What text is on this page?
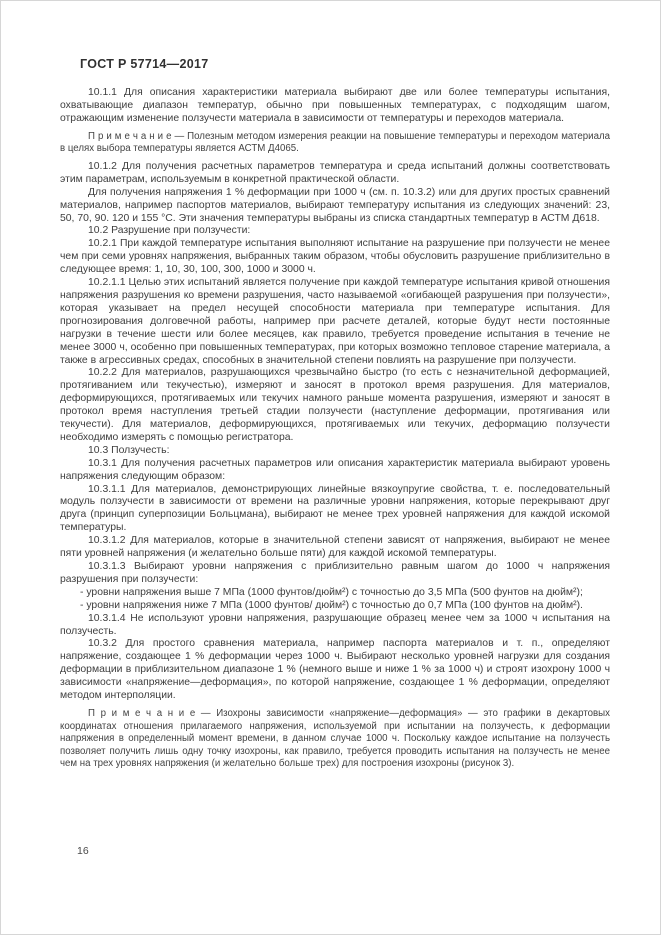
ГОСТ Р 57714—2017

10.1.1 Для описания характеристики материала выбирают две или более температуры испытания, охватывающие диапазон температур, обычно при повышенных температурах, с подходящим шагом, отражающим изменение ползучести материала в зависимости от температуры и переходов материала.

П р и м е ч а н и е — Полезным методом измерения реакции на повышение температуры и переходом материала в целях выбора температуры является АСТМ Д4065.

10.1.2 Для получения расчетных параметров температура и среда испытаний должны соответствовать этим параметрам, используемым в конкретной практической области.

Для получения напряжения 1 % деформации при 1000 ч (см. п. 10.3.2) или для других простых сравнений материалов, например паспортов материалов, выбирают температуру испытания из следующих значений: 23, 50, 70, 90. 120 и 155 °С. Эти значения температуры выбраны из списка стандартных температур в АСТМ Д618.

10.2 Разрушение при ползучести:

10.2.1 При каждой температуре испытания выполняют испытание на разрушение при ползучести не менее чем при семи уровнях напряжения, выбранных таким образом, чтобы обусловить разрушение приблизительно в следующее время: 1, 10, 30, 100, 300, 1000 и 3000 ч.

10.2.1.1 Целью этих испытаний является получение при каждой температуре испытания кривой отношения напряжения разрушения ко времени разрушения, часто называемой «огибающей разрушения при ползучести», которая указывает на предел несущей способности материала при температуре испытания. Для прогнозирования долговечной работы, например при расчете деталей, которые будут нести постоянные нагрузки в течение шести или более месяцев, как правило, требуется проведение испытания в течение не менее 3000 ч, особенно при повышенных температурах, при которых возможно тепловое старение материала, а также в агрессивных средах, способных в значительной степени повлиять на разрушение при ползучести.

10.2.2 Для материалов, разрушающихся чрезвычайно быстро (то есть с незначительной деформацией, протягиванием или текучестью), измеряют и заносят в протокол время разрушения. Для материалов, деформирующихся, протягиваемых или текучих намного раньше момента разрушения, измеряют и заносят в протокол время наступления третьей стадии ползучести (наступление деформации, протягивания или текучести). Для материалов, деформирующихся, протягиваемых или текучих, деформацию ползучести необходимо измерять с помощью регистратора.

10.3 Ползучесть:

10.3.1 Для получения расчетных параметров или описания характеристик материала выбирают уровень напряжения следующим образом:

10.3.1.1 Для материалов, демонстрирующих линейные вязкоупругие свойства, т. е. последовательный модуль ползучести в зависимости от времени на различные уровни напряжения, которые перекрывают друг друга (принцип суперпозиции Больцмана), выбирают не менее трех уровней напряжения для каждой искомой температуры.

10.3.1.2 Для материалов, которые в значительной степени зависят от напряжения, выбирают не менее пяти уровней напряжения (и желательно больше пяти) для каждой искомой температуры.

10.3.1.3 Выбирают уровни напряжения с приблизительно равным шагом до 1000 ч напряжения разрушения при ползучести:

- уровни напряжения выше 7 МПа (1000 фунтов/дюйм²) с точностью до 3,5 МПа (500 фунтов на дюйм²);

- уровни напряжения ниже 7 МПа (1000 фунтов/ дюйм²) с точностью до 0,7 МПа (100 фунтов на дюйм²).

10.3.1.4 Не используют уровни напряжения, разрушающие образец менее чем за 1000 ч испытания на ползучесть.

10.3.2 Для простого сравнения материала, например паспорта материалов и т. п., определяют напряжение, создающее 1 % деформации через 1000 ч. Выбирают несколько уровней нагрузки для создания деформации в приблизительном диапазоне 1 % (немного выше и ниже 1 % за 1000 ч) и строят изохрону 1000 ч зависимости «напряжение—деформация», по которой напряжение, создающее 1 % деформации, определяют методом интерполяции.

П р и м е ч а н и е — Изохроны зависимости «напряжение—деформация» — это графики в декартовых координатах отношения прилагаемого напряжения, используемой при испытании на ползучесть, к деформации напряжения в определенный момент времени, в данном случае 1000 ч. Поскольку каждое испытание на ползучесть позволяет получить лишь одну точку изохроны, как правило, требуется проводить испытания на ползучесть не менее чем на трех уровнях напряжения (и желательно больше трех) для построения изохроны (рисунок 3).

16
